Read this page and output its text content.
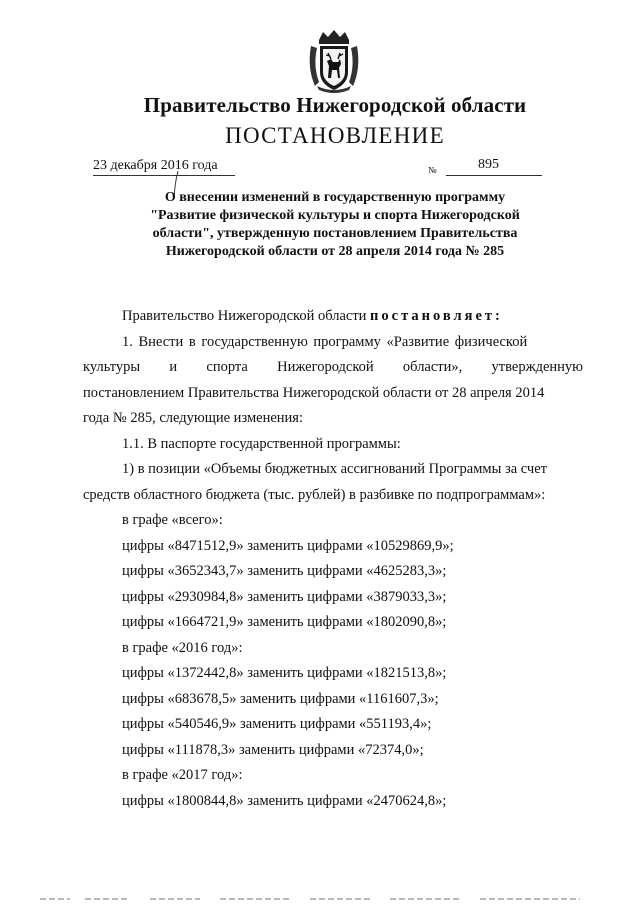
Правительство Нижегородской области
ПОСТАНОВЛЕНИЕ
23 декабря 2016 года	№	895
О внесении изменений в государственную программу
"Развитие физической культуры и спорта Нижегородской
области", утвержденную постановлением Правительства
Нижегородской области от 28 апреля 2014 года № 285

Правительство Нижегородской области постановляет:

1. Внести в государственную программу «Развитие физической

культуры и спорта Нижегородской области», утвержденную

постановлением Правительства Нижегородской области от 28 апреля 2014

года № 285, следующие изменения:

1.1. В паспорте государственной программы:

1) в позиции «Объемы бюджетных ассигнований Программы за счет

средств областного бюджета (тыс. рублей) в разбивке по подпрограммам»:

в графе «всего»:

цифры «8471512,9» заменить цифрами «10529869,9»;

цифры «3652343,7» заменить цифрами «4625283,3»;

цифры «2930984,8» заменить цифрами «3879033,3»;

цифры «1664721,9» заменить цифрами «1802090,8»;

в графе «2016 год»:

цифры «1372442,8» заменить цифрами «1821513,8»;

цифры «683678,5» заменить цифрами «1161607,3»;

цифры «540546,9» заменить цифрами «551193,4»;

цифры «111878,3» заменить цифрами «72374,0»;

в графе «2017 год»:

цифры «1800844,8» заменить цифрами «2470624,8»;
